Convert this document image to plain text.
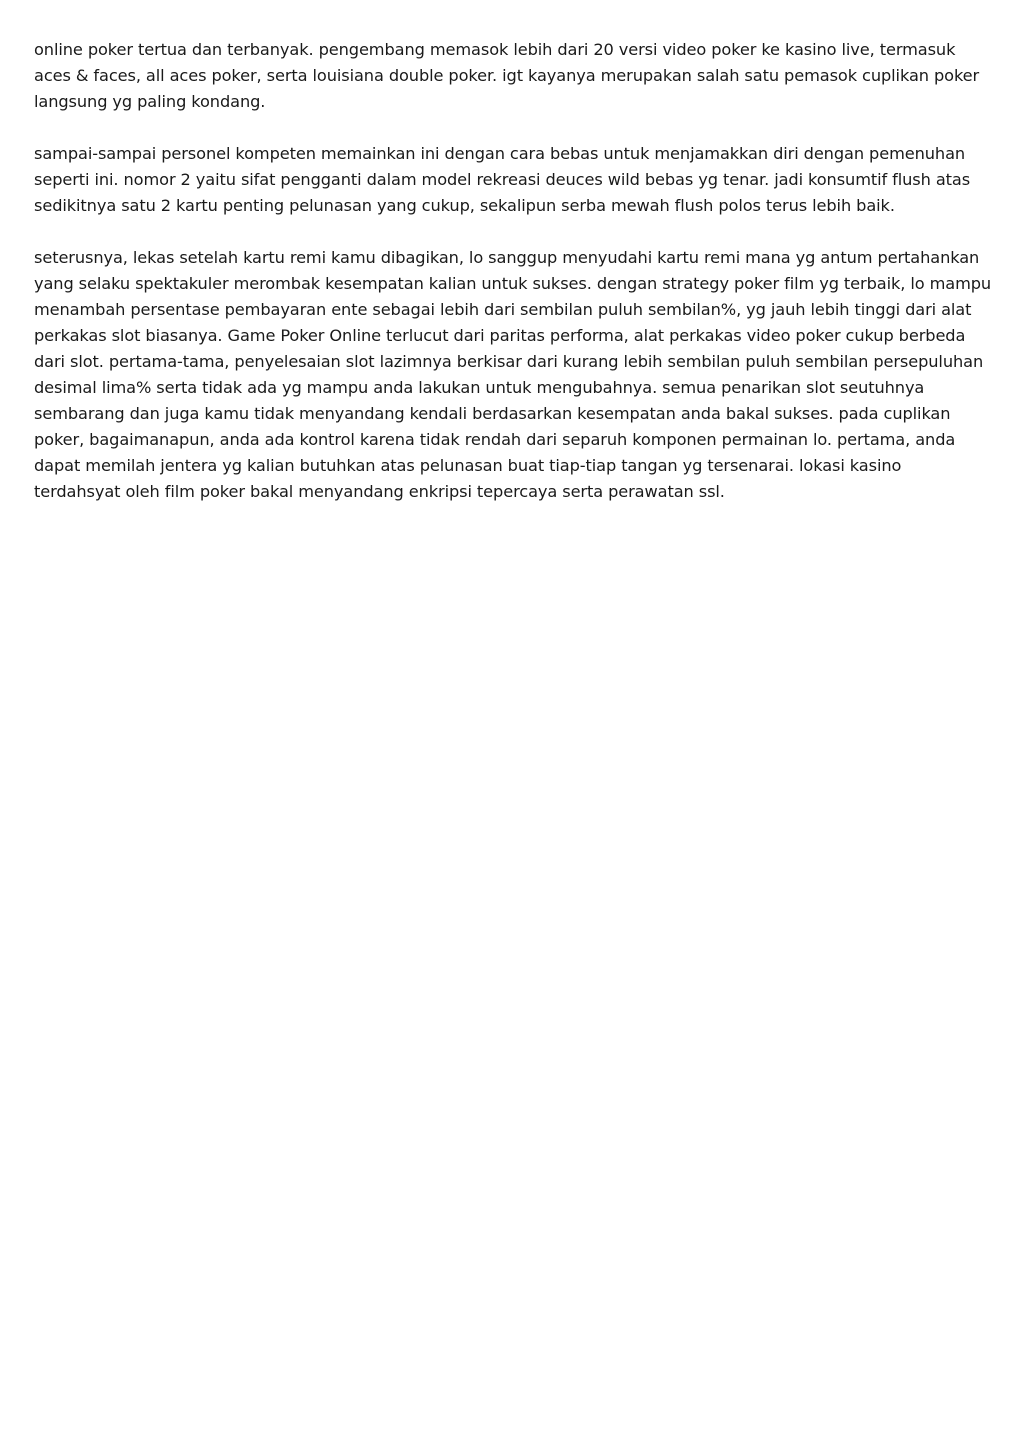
online poker tertua dan terbanyak. pengembang memasok lebih dari 20 versi video poker ke kasino live, termasuk aces & faces, all aces poker, serta louisiana double poker. igt kayanya merupakan salah satu pemasok cuplikan poker langsung yg paling kondang.

sampai-sampai personel kompeten memainkan ini dengan cara bebas untuk menjamakkan diri dengan pemenuhan seperti ini. nomor 2 yaitu sifat pengganti dalam model rekreasi deuces wild bebas yg tenar. jadi konsumtif flush atas sedikitnya satu 2 kartu penting pelunasan yang cukup, sekalipun serba mewah flush polos terus lebih baik.

seterusnya, lekas setelah kartu remi kamu dibagikan, lo sanggup menyudahi kartu remi mana yg antum pertahankan yang selaku spektakuler merombak kesempatan kalian untuk sukses. dengan strategy poker film yg terbaik, lo mampu menambah persentase pembayaran ente sebagai lebih dari sembilan puluh sembilan%, yg jauh lebih tinggi dari alat perkakas slot biasanya. Game Poker Online terlucut dari paritas performa, alat perkakas video poker cukup berbeda dari slot. pertama-tama, penyelesaian slot lazimnya berkisar dari kurang lebih sembilan puluh sembilan persepuluhan desimal lima% serta tidak ada yg mampu anda lakukan untuk mengubahnya. semua penarikan slot seutuhnya sembarang dan juga kamu tidak menyandang kendali berdasarkan kesempatan anda bakal sukses. pada cuplikan poker, bagaimanapun, anda ada kontrol karena tidak rendah dari separuh komponen permainan lo. pertama, anda dapat memilah jentera yg kalian butuhkan atas pelunasan buat tiap-tiap tangan yg tersenarai. lokasi kasino terdahsyat oleh film poker bakal menyandang enkripsi tepercaya serta perawatan ssl.
